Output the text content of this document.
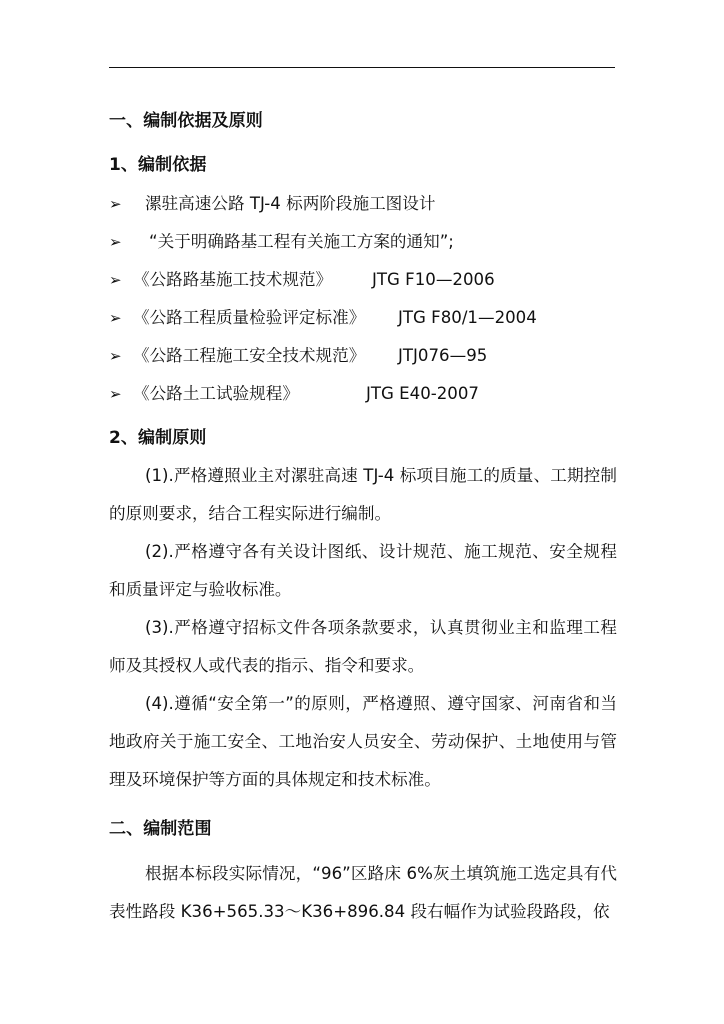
一、编制依据及原则
1、编制依据
➢ 漯驻高速公路 TJ-4 标两阶段施工图设计
➢ “关于明确路基工程有关施工方案的通知”;
➢ 《公路路基施工技术规范》 JTG F10—2006
➢ 《公路工程质量检验评定标准》 JTG F80/1—2004
➢ 《公路工程施工安全技术规范》 JTJ076—95
➢ 《公路土工试验规程》	JTG E40-2007
2、编制原则

(1).严格遵照业主对漯驻高速 TJ-4 标项目施工的质量、工期控制的原则要求，结合工程实际进行编制。

(2).严格遵守各有关设计图纸、设计规范、施工规范、安全规程和质量评定与验收标准。

(3).严格遵守招标文件各项条款要求，认真贯彻业主和监理工程师及其授权人或代表的指示、指令和要求。

(4).遵循“安全第一”的原则，严格遵照、遵守国家、河南省和当地政府关于施工安全、工地治安人员安全、劳动保护、土地使用与管理及环境保护等方面的具体规定和技术标准。

二、编制范围

根据本标段实际情况，“96”区路床 6%灰土填筑施工选定具有代表性路段 K36+565.33～K36+896.84 段右幅作为试验段路段，依
